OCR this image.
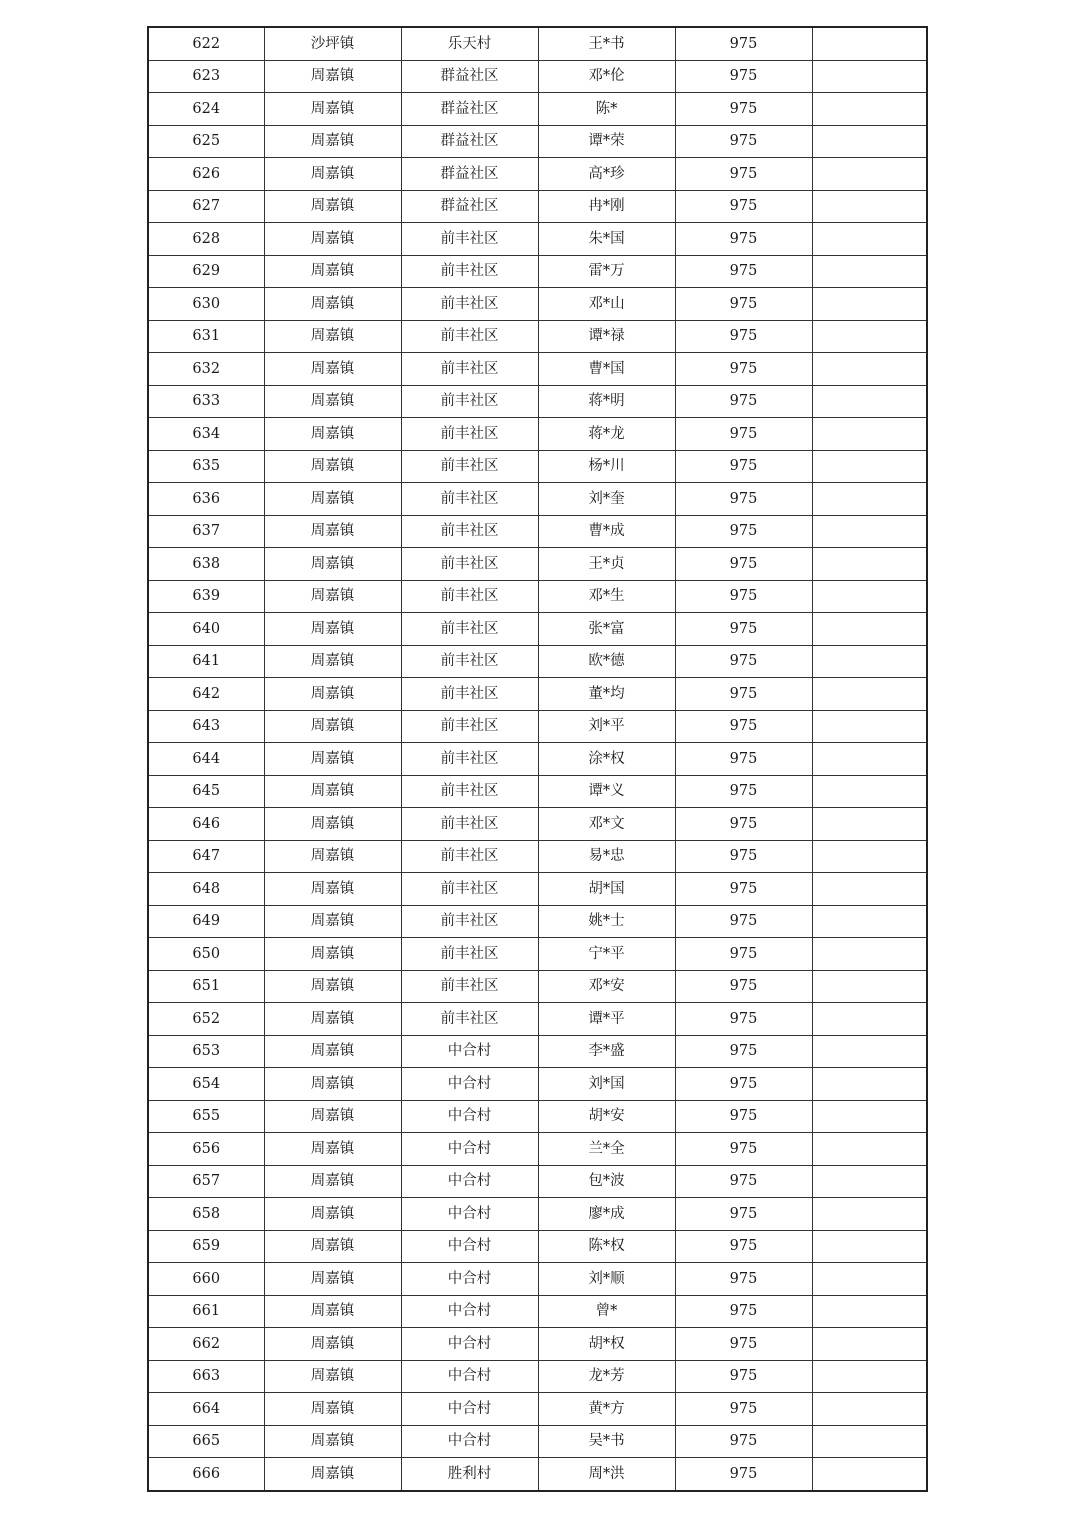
622	沙坪镇	乐天村	王*书	975	
623	周嘉镇	群益社区	邓*伦	975	
624	周嘉镇	群益社区	陈*	975	
625	周嘉镇	群益社区	谭*荣	975	
626	周嘉镇	群益社区	高*珍	975	
627	周嘉镇	群益社区	冉*刚	975	
628	周嘉镇	前丰社区	朱*国	975	
629	周嘉镇	前丰社区	雷*万	975	
630	周嘉镇	前丰社区	邓*山	975	
631	周嘉镇	前丰社区	谭*禄	975	
632	周嘉镇	前丰社区	曹*国	975	
633	周嘉镇	前丰社区	蒋*明	975	
634	周嘉镇	前丰社区	蒋*龙	975	
635	周嘉镇	前丰社区	杨*川	975	
636	周嘉镇	前丰社区	刘*奎	975	
637	周嘉镇	前丰社区	曹*成	975	
638	周嘉镇	前丰社区	王*贞	975	
639	周嘉镇	前丰社区	邓*生	975	
640	周嘉镇	前丰社区	张*富	975	
641	周嘉镇	前丰社区	欧*德	975	
642	周嘉镇	前丰社区	董*均	975	
643	周嘉镇	前丰社区	刘*平	975	
644	周嘉镇	前丰社区	涂*权	975	
645	周嘉镇	前丰社区	谭*义	975	
646	周嘉镇	前丰社区	邓*文	975	
647	周嘉镇	前丰社区	易*忠	975	
648	周嘉镇	前丰社区	胡*国	975	
649	周嘉镇	前丰社区	姚*士	975	
650	周嘉镇	前丰社区	宁*平	975	
651	周嘉镇	前丰社区	邓*安	975	
652	周嘉镇	前丰社区	谭*平	975	
653	周嘉镇	中合村	李*盛	975	
654	周嘉镇	中合村	刘*国	975	
655	周嘉镇	中合村	胡*安	975	
656	周嘉镇	中合村	兰*全	975	
657	周嘉镇	中合村	包*波	975	
658	周嘉镇	中合村	廖*成	975	
659	周嘉镇	中合村	陈*权	975	
660	周嘉镇	中合村	刘*顺	975	
661	周嘉镇	中合村	曾*	975	
662	周嘉镇	中合村	胡*权	975	
663	周嘉镇	中合村	龙*芳	975	
664	周嘉镇	中合村	黄*方	975	
665	周嘉镇	中合村	吴*书	975	
666	周嘉镇	胜利村	周*洪	975	
